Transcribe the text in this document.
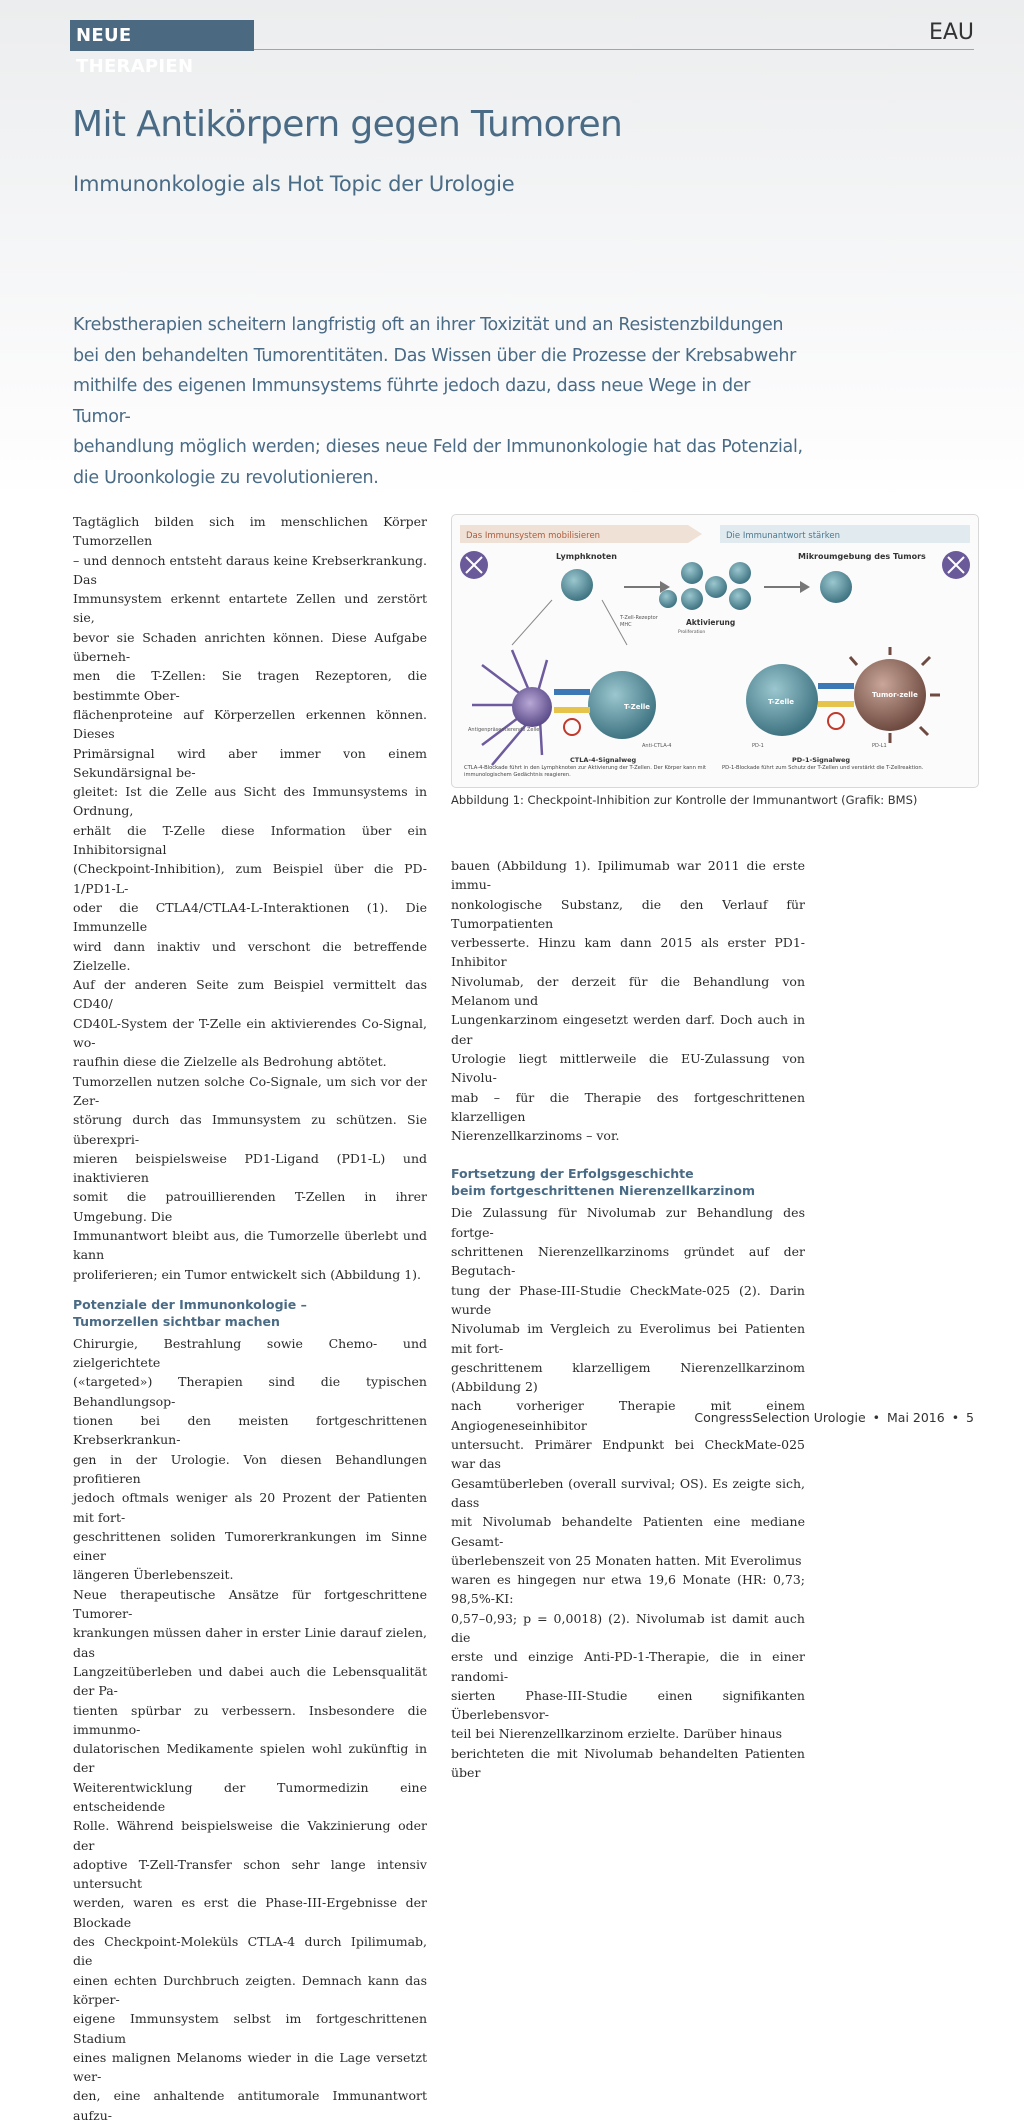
NEUE THERAPIEN
EAU
Mit Antikörpern gegen Tumoren
Immunonkologie als Hot Topic der Urologie

Krebstherapien scheitern langfristig oft an ihrer Toxizität und an Resistenzbildungen
bei den behandelten Tumorentitäten. Das Wissen über die Prozesse der Krebsabwehr
mithilfe des eigenen Immunsystems führte jedoch dazu, dass neue Wege in der Tumor-
behandlung möglich werden; dieses neue Feld der Immunonkologie hat das Potenzial,
die Uroonkologie zu revolutionieren.

Tagtäglich bilden sich im menschlichen Körper Tumorzellen
– und dennoch entsteht daraus keine Krebserkrankung. Das
Immunsystem erkennt entartete Zellen und zerstört sie,
bevor sie Schaden anrichten können. Diese Aufgabe überneh-
men die T-Zellen: Sie tragen Rezeptoren, die bestimmte Ober-
flächenproteine auf Körperzellen erkennen können. Dieses
Primärsignal wird aber immer von einem Sekundärsignal be-
gleitet: Ist die Zelle aus Sicht des Immunsystems in Ordnung,
erhält die T-Zelle diese Information über ein Inhibitorsignal
(Checkpoint-Inhibition), zum Beispiel über die PD-1/PD1-L-
oder die CTLA4/CTLA4-L-Interaktionen (1). Die Immunzelle
wird dann inaktiv und verschont die betreffende Zielzelle.
Auf der anderen Seite zum Beispiel vermittelt das CD40/
CD40L-System der T-Zelle ein aktivierendes Co-Signal, wo-
raufhin diese die Zielzelle als Bedrohung abtötet.

Tumorzellen nutzen solche Co-Signale, um sich vor der Zer-
störung durch das Immunsystem zu schützen. Sie überexpri-
mieren beispielsweise PD1-Ligand (PD1-L) und inaktivieren
somit die patrouillierenden T-Zellen in ihrer Umgebung. Die
Immunantwort bleibt aus, die Tumorzelle überlebt und kann
proliferieren; ein Tumor entwickelt sich (Abbildung 1).

Potenziale der Immunonkologie –
Tumorzellen sichtbar machen

Chirurgie, Bestrahlung sowie Chemo- und zielgerichtete
(«targeted») Therapien sind die typischen Behandlungsop-
tionen bei den meisten fortgeschrittenen Krebserkrankun-
gen in der Urologie. Von diesen Behandlungen profitieren
jedoch oftmals weniger als 20 Prozent der Patienten mit fort-
geschrittenen soliden Tumorerkrankungen im Sinne einer
längeren Überlebenszeit.

Neue therapeutische Ansätze für fortgeschrittene Tumorer-
krankungen müssen daher in erster Linie darauf zielen, das
Langzeitüberleben und dabei auch die Lebensqualität der Pa-
tienten spürbar zu verbessern. Insbesondere die immunmo-
dulatorischen Medikamente spielen wohl zukünftig in der
Weiterentwicklung der Tumormedizin eine entscheidende
Rolle. Während beispielsweise die Vakzinierung oder der
adoptive T-Zell-Transfer schon sehr lange intensiv untersucht
werden, waren es erst die Phase-III-Ergebnisse der Blockade
des Checkpoint-Moleküls CTLA-4 durch Ipilimumab, die
einen echten Durchbruch zeigten. Demnach kann das körper-
eigene Immunsystem selbst im fortgeschrittenen Stadium
eines malignen Melanoms wieder in die Lage versetzt wer-
den, eine anhaltende antitumorale Immunantwort aufzu-

Das Immunsystem mobilisieren	Die Immunantwort stärken
Lymphknoten	Mikroumgebung des Tumors
T-Zell-Rezeptor
MHC	Aktivierung
Proliferation
T-Zelle
Anti-CTLA-4
Antigenpräsentierende Zelle
T-Zelle
Tumor-zelle
PD-1	PD-L1
CTLA-4-Signalweg
CTLA-4-Blockade führt in den Lymphknoten zur Aktivierung der T-Zellen. Der Körper kann mit immunologischem Gedächtnis reagieren.
PD-1-Signalweg
PD-1-Blockade führt zum Schutz der T-Zellen und verstärkt die T-Zellreaktion.
Abbildung 1: Checkpoint-Inhibition zur Kontrolle der Immunantwort (Grafik: BMS)

bauen (Abbildung 1). Ipilimumab war 2011 die erste immu-
nonkologische Substanz, die den Verlauf für Tumorpatienten
verbesserte. Hinzu kam dann 2015 als erster PD1-Inhibitor
Nivolumab, der derzeit für die Behandlung von Melanom und
Lungenkarzinom eingesetzt werden darf. Doch auch in der
Urologie liegt mittlerweile die EU-Zulassung von Nivolu-
mab – für die Therapie des fortgeschrittenen klarzelligen
Nierenzellkarzinoms – vor.

Fortsetzung der Erfolgsgeschichte
beim fortgeschrittenen Nierenzellkarzinom

Die Zulassung für Nivolumab zur Behandlung des fortge-
schrittenen Nierenzellkarzinoms gründet auf der Begutach-
tung der Phase-III-Studie CheckMate-025 (2). Darin wurde
Nivolumab im Vergleich zu Everolimus bei Patienten mit fort-
geschrittenem klarzelligem Nierenzellkarzinom (Abbildung 2)
nach vorheriger Therapie mit einem Angiogeneseinhibitor
untersucht. Primärer Endpunkt bei CheckMate-025 war das
Gesamtüberleben (overall survival; OS). Es zeigte sich, dass
mit Nivolumab behandelte Patienten eine mediane Gesamt-
überlebenszeit von 25 Monaten hatten. Mit Everolimus
waren es hingegen nur etwa 19,6 Monate (HR: 0,73; 98,5%-KI:
0,57–0,93; p = 0,0018) (2). Nivolumab ist damit auch die
erste und einzige Anti-PD-1-Therapie, die in einer randomi-
sierten Phase-III-Studie einen signifikanten Überlebensvor-
teil bei Nierenzellkarzinom erzielte. Darüber hinaus
berichteten die mit Nivolumab behandelten Patienten über

CongressSelection Urologie • Mai 2016 • 5
